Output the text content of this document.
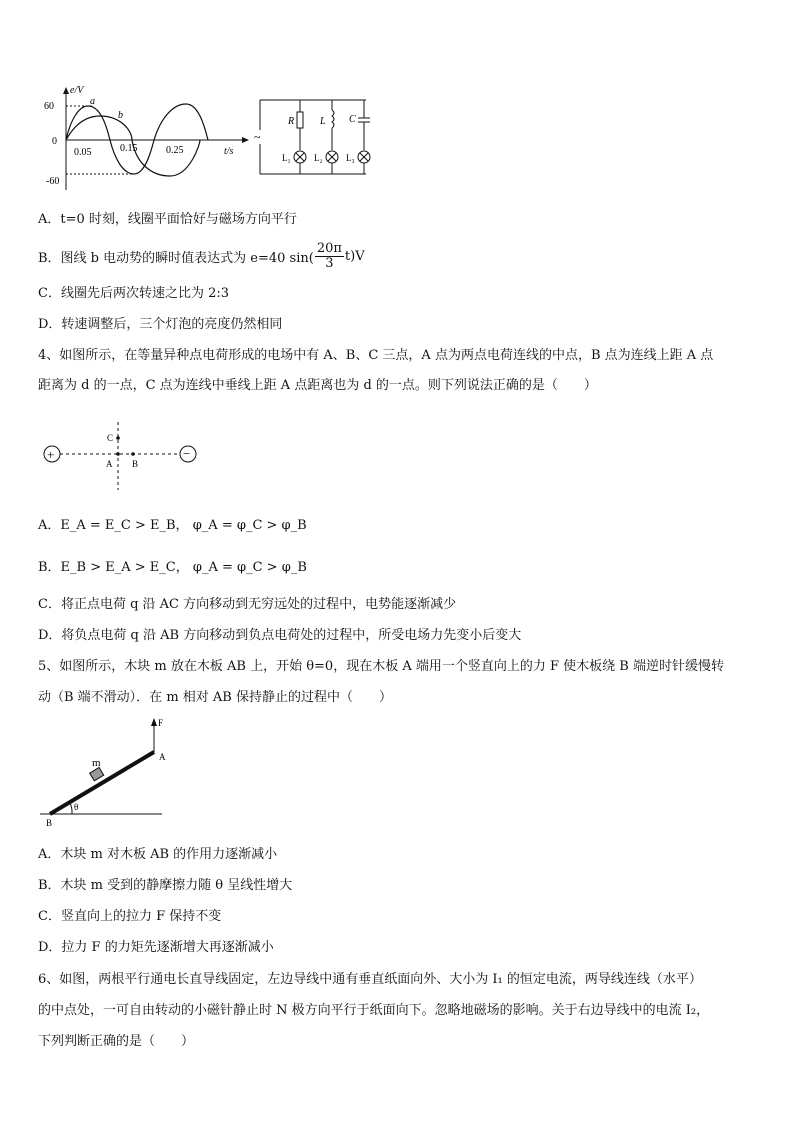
e/V
60
0
-60
0.05	0.15	0.25	t/s
a
b
~
R	L C
L₁	L₂	L₃
A．t=0 时刻，线圈平面恰好与磁场方向平行
B．图线 b 电动势的瞬时值表达式为 e=40 $\sin( \frac{20\pi}{3} t)V$
C．线圈先后两次转速之比为 2:3
D．转速调整后，三个灯泡的亮度仍然相同
4、如图所示，在等量异种点电荷形成的电场中有 A、B、C 三点，A 点为两点电荷连线的中点，B 点为连线上距 A 点
距离为 d 的一点，C 点为连线中垂线上距 A 点距离也为 d 的一点。则下列说法正确的是（　　）
+	−
C
A B
A．E_A = E_C > E_B， φ_A = φ_C > φ_B
B．E_B > E_A > E_C， φ_A = φ_C > φ_B
C．将正点电荷 q 沿 AC 方向移动到无穷远处的过程中，电势能逐渐减少
D．将负点电荷 q 沿 AB 方向移动到负点电荷处的过程中，所受电场力先变小后变大
5、如图所示，木块 m 放在木板 AB 上，开始 θ=0，现在木板 A 端用一个竖直向上的力 F 使木板绕 B 端逆时针缓慢转
动（B 端不滑动）．在 m 相对 AB 保持静止的过程中（　　）
F
A
B
m
θ
A．木块 m 对木板 AB 的作用力逐渐减小
B．木块 m 受到的静摩擦力随 θ 呈线性增大
C．竖直向上的拉力 F 保持不变
D．拉力 F 的力矩先逐渐增大再逐渐减小
6、如图，两根平行通电长直导线固定，左边导线中通有垂直纸面向外、大小为 I₁ 的恒定电流，两导线连线（水平）
的中点处，一可自由转动的小磁针静止时 N 极方向平行于纸面向下。忽略地磁场的影响。关于右边导线中的电流 I₂，
下列判断正确的是（　　）
